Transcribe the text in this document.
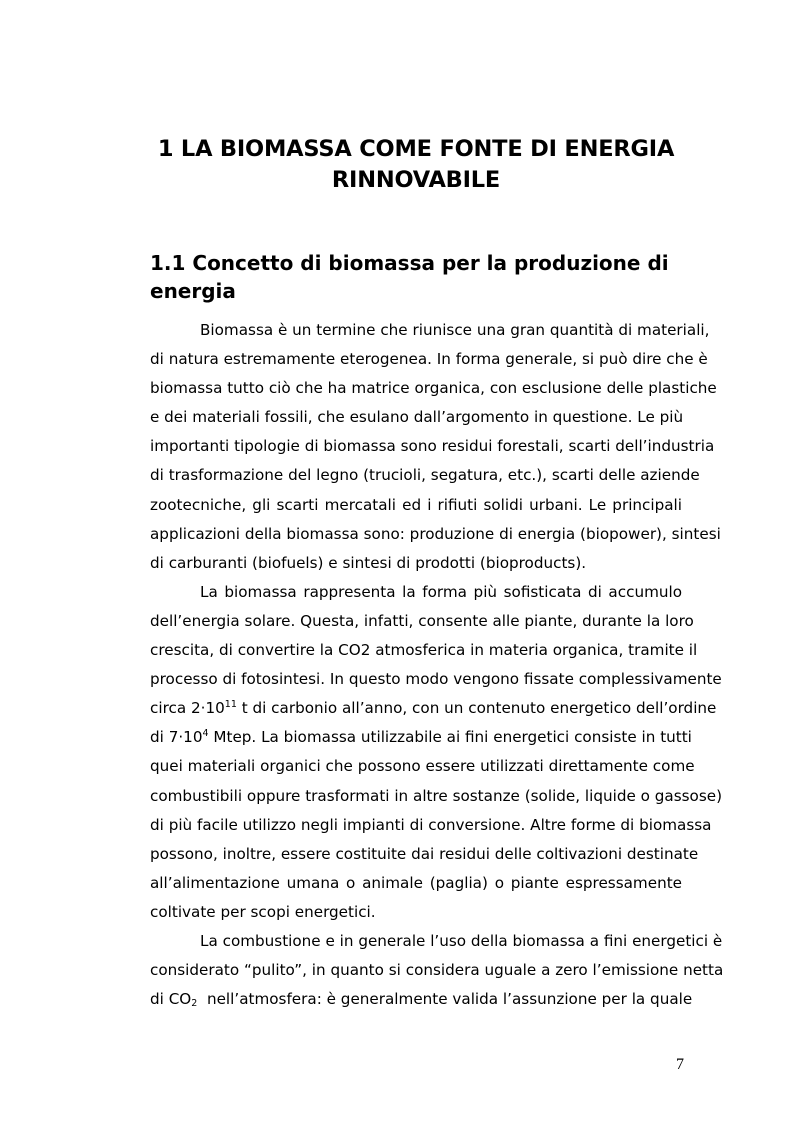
1 LA BIOMASSA COME FONTE DI ENERGIA
RINNOVABILE
1.1 Concetto di biomassa per la produzione di
energia
Biomassa è un termine che riunisce una gran quantità di materiali,
di natura estremamente eterogenea. In forma generale, si può dire che è
biomassa tutto ciò che ha matrice organica, con esclusione delle plastiche
e dei materiali fossili, che esulano dall’argomento in questione. Le più
importanti tipologie di biomassa sono residui forestali, scarti dell’industria
di trasformazione del legno (trucioli, segatura, etc.), scarti delle aziende
zootecniche, gli scarti mercatali ed i rifiuti solidi urbani. Le principali
applicazioni della biomassa sono: produzione di energia (biopower), sintesi
di carburanti (biofuels) e sintesi di prodotti (bioproducts).
La biomassa rappresenta la forma più sofisticata di accumulo
dell’energia solare. Questa, infatti, consente alle piante, durante la loro
crescita, di convertire la CO2 atmosferica in materia organica, tramite il
processo di fotosintesi. In questo modo vengono fissate complessivamente
circa $2\cdot 10^{11}$ t di carbonio all’anno, con un contenuto energetico dell’ordine
di $7\cdot 10^4$ Mtep. La biomassa utilizzabile ai fini energetici consiste in tutti
quei materiali organici che possono essere utilizzati direttamente come
combustibili oppure trasformati in altre sostanze (solide, liquide o gassose)
di più facile utilizzo negli impianti di conversione. Altre forme di biomassa
possono, inoltre, essere costituite dai residui delle coltivazioni destinate
all’alimentazione umana o animale (paglia) o piante espressamente
coltivate per scopi energetici.
La combustione e in generale l’uso della biomassa a fini energetici è
considerato “pulito”, in quanto si considera uguale a zero l’emissione netta
di $CO_2$  nell’atmosfera: è generalmente valida l’assunzione per la quale
7
